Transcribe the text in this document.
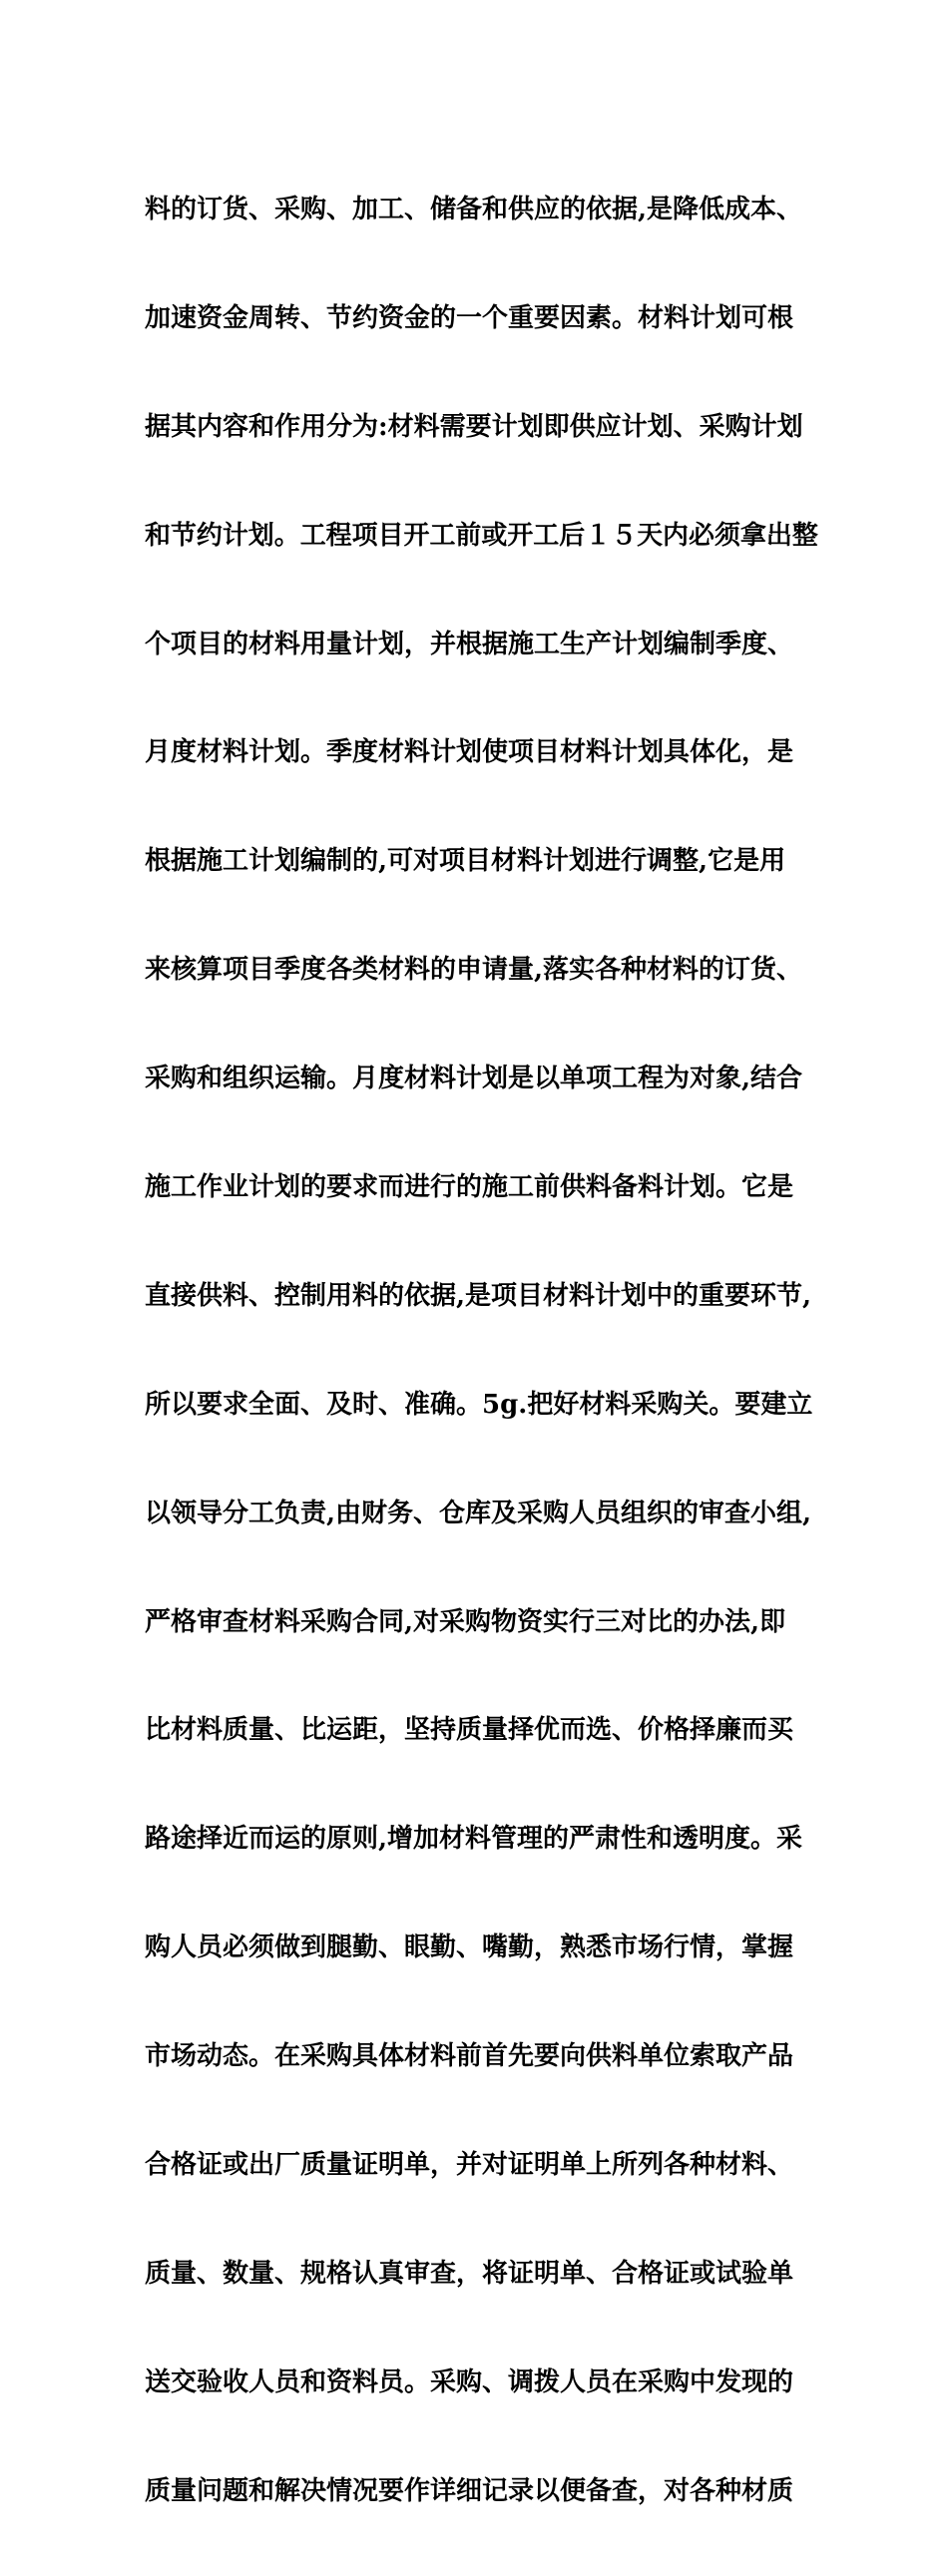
料的订货、采购、加工、储备和供应的依据,是降低成本、

加速资金周转、节约资金的一个重要因素。材料计划可根

据其内容和作用分为:材料需要计划即供应计划、采购计划

和节约计划。工程项目开工前或开工后１５天内必须拿出整

个项目的材料用量计划，并根据施工生产计划编制季度、

月度材料计划。季度材料计划使项目材料计划具体化，是

根据施工计划编制的,可对项目材料计划进行调整,它是用

来核算项目季度各类材料的申请量,落实各种材料的订货、

采购和组织运输。月度材料计划是以单项工程为对象,结合

施工作业计划的要求而进行的施工前供料备料计划。它是

直接供料、控制用料的依据,是项目材料计划中的重要环节,

所以要求全面、及时、准确。5g.把好材料采购关。要建立

以领导分工负责,由财务、仓库及采购人员组织的审查小组,

严格审查材料采购合同,对采购物资实行三对比的办法,即

比材料质量、比运距，坚持质量择优而选、价格择廉而买

路途择近而运的原则,增加材料管理的严肃性和透明度。采

购人员必须做到腿勤、眼勤、嘴勤，熟悉市场行情，掌握

市场动态。在采购具体材料前首先要向供料单位索取产品

合格证或出厂质量证明单，并对证明单上所列各种材料、

质量、数量、规格认真审查，将证明单、合格证或试验单

送交验收人员和资料员。采购、调拨人员在采购中发现的

质量问题和解决情况要作详细记录以便备查，对各种材质
